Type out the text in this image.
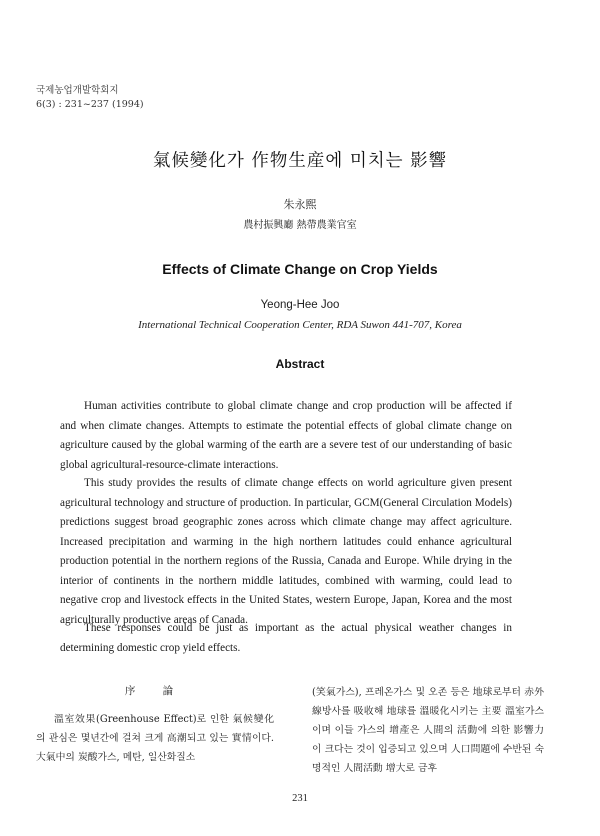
국제농업개발학회지
6(3) : 231~237 (1994)
氣候變化가 作物生産에 미치는 影響
朱永熙
農村振興廳 熱帶農業官室
Effects of Climate Change on Crop Yields
Yeong-Hee Joo
International Technical Cooperation Center, RDA Suwon 441-707, Korea
Abstract

Human activities contribute to global climate change and crop production will be affected if and when climate changes. Attempts to estimate the potential effects of global climate change on agriculture caused by the global warming of the earth are a severe test of our understanding of basic global agricultural-resource-climate interactions.

This study provides the results of climate change effects on world agriculture given present agricultural technology and structure of production. In particular, GCM(General Circulation Models) predictions suggest broad geographic zones across which climate change may affect agriculture. Increased precipitation and warming in the high northern latitudes could enhance agricultural production potential in the northern regions of the Russia, Canada and Europe. While drying in the interior of continents in the northern middle latitudes, combined with warming, could lead to negative crop and livestock effects in the United States, western Europe, Japan, Korea and the most agriculturally productive areas of Canada.

These responses could be just as important as the actual physical weather changes in determining domestic crop yield effects.

序 論

溫室效果(Greenhouse Effect)로 인한 氣候變化의 관심은 몇년간에 걸쳐 크게 高潮되고 있는 實情이다. 大氣中의 炭酸가스, 메탄, 일산화질소

(笑氣가스), 프레온가스 및 오존 등은 地球로부터 赤外線방사를 吸收해 地球를 溫暖化시키는 主要 溫室가스이며 이들 가스의 增產은 人間의 活動에 의한 影響力이 크다는 것이 입증되고 있으며 人口問題에 수반된 숙명적인 人間活動 增大로 금후

231
